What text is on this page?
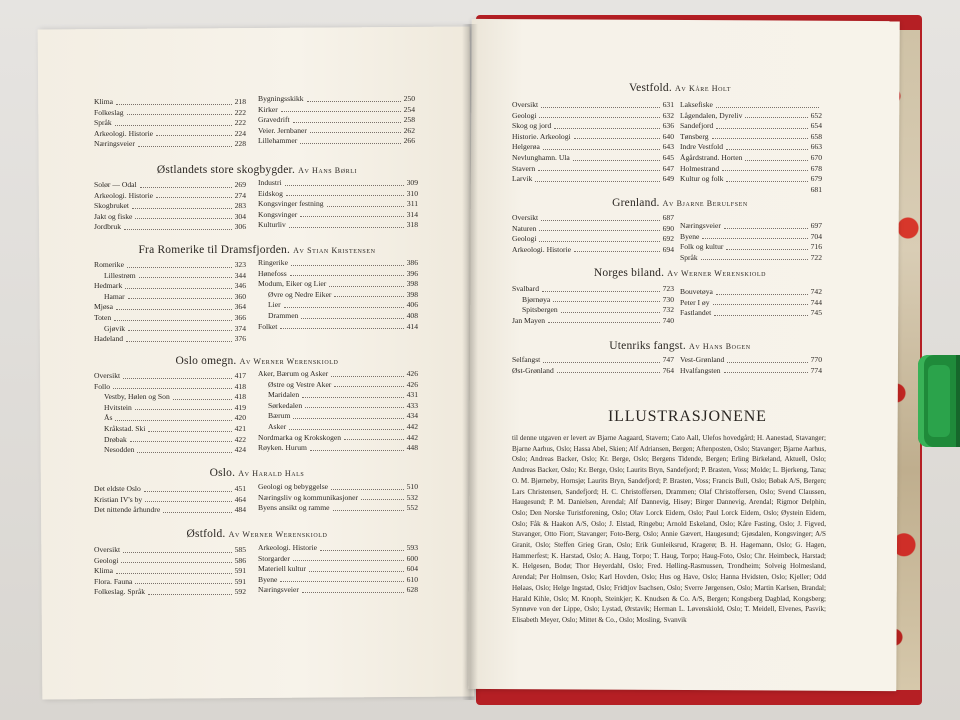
Klima	218
Folkeslag	222
Språk	222
Arkeologi. Historie	224
Næringsveier	228
Bygningsskikk	250
Kirker	254
Gravedrift	258
Veier. Jernbaner	262
Lillehammer	266
Østlandets store skogbygder. Av Hans Børli
Solør — Odal	269
Arkeologi. Historie	274
Skogbruket	283
Jakt og fiske	304
Jordbruk	306
Industri	309
Eidskog	310
Kongsvinger festning	311
Kongsvinger	314
Kulturliv	318
Fra Romerike til Dramsfjorden. Av Stian Kristensen
Romerike	323
Lillestrøm	344
Hedmark	346
Hamar	360
Mjøsa	364
Toten	366
Gjøvik	374
Hadeland	376
Ringerike	386
Hønefoss	396
Modum, Eiker og Lier	398
Øvre og Nedre Eiker	398
Lier	406
Drammen	408
Folket	414
Oslo omegn. Av Werner Werenskiold
Oversikt	417
Follo	418
Vestby, Hølen og Son	418
Hvitstein	419
Ås	420
Kråkstad. Ski	421
Drøbak	422
Nesodden	424
Aker, Bærum og Asker	426
Østre og Vestre Aker	426
Maridalen	431
Sørkedalen	433
Bærum	434
Asker	442
Nordmarka og Krokskogen	442
Røyken. Hurum	448
Oslo. Av Harald Hals
Det eldste Oslo	451
Kristian IV's by	464
Det nittende århundre	484
Geologi og bebyggelse	510
Næringsliv og kommunikasjoner	532
Byens ansikt og ramme	552
Østfold. Av Werner Werenskiold
Oversikt	585
Geologi	586
Klima	591
Flora. Fauna	591
Folkeslag. Språk	592
Arkeologi. Historie	593
Storgarder	600
Materiell kultur	604
Byene	610
Næringsveier	628
Vestfold. Av Kåre Holt
Oversikt	631
Geologi	632
Skog og jord	636
Historie. Arkeologi	640
Helgerøa	643
Nevlunghamn. Ula	645
Stavern	647
Larvik	649
Laksefiske
Lågendalen, Dyreliv	652
Sandefjord	654
Tønsberg	658
Indre Vestfold	663
Ågårdstrand. Horten	670
Holmestrand	678
Kultur og folk	679
681
Grenland. Av Bjarne Berulfsen
Oversikt	687
Naturen	690
Geologi	692
Arkeologi. Historie	694
Næringsveier	697
Byene	704
Folk og kultur	716
Språk	722
Norges biland. Av Werner Werenskiold
Svalbard	723
Bjørnøya	730
Spitsbergen	732
Jan Mayen	740
Bouvetøya	742
Peter I øy	744
Fastlandet	745
Utenriks fangst. Av Hans Bogen
Selfangst	747
Øst-Grønland	764
Vest-Grønland	770
Hvalfangsten	774
ILLUSTRASJONENE
til denne utgaven er levert av Bjarne Aagaard, Stavern; Cato Aall, Ulefos hovedgård; H. Aanestad, Stavanger; Bjarne Aarhus, Oslo; Hassa Abel, Skien; Alf Adriansen, Bergen; Aftenposten, Oslo; Stavanger; Bjarne Aarhus, Oslo; Andreas Backer, Oslo; Kr. Berge, Oslo; Bergens Tidende, Bergen; Erling Birkeland, Aktuell, Oslo; Andreas Backer, Oslo; Kr. Berge, Oslo; Laurits Bryn, Sandefjord; P. Brasten, Voss; Molde; L. Bjerkeng, Tana; O. M. Bjørneby, Hornsjø; Laurits Bryn, Sandefjord; P. Brasten, Voss; Francis Bull, Oslo; Bøbak A/S, Bergen; Lars Christensen, Sandefjord; H. C. Christoffersen, Drammen; Olaf Christoffersen, Oslo; Svend Claussen, Haugesund; P. M. Danielsen, Arendal; Alf Dannevig, Hisøy; Birger Dannevig, Arendal; Rigmor Delphin, Oslo; Den Norske Turistforening, Oslo; Olav Lorck Eidem, Oslo; Paul Lorck Eidem, Oslo; Øystein Eidem, Oslo; Fåk & Haakon A/S, Oslo; J. Elstad, Ringebu; Arnold Eskeland, Oslo; Kåre Fasting, Oslo; J. Figved, Stavanger, Otto Fiorr, Stavanger; Foto-Berg, Oslo; Annie Gævert, Haugesund; Gjøsdalen, Kongsvinger; A/S Granit, Oslo; Steffen Grieg Gran, Oslo; Erik Gunleiksrud, Kragerø; B. H. Hagemann, Oslo; G. Hagen, Hammerfest; K. Harstad, Oslo; A. Haug, Torpo; T. Haug, Torpo; Haug-Foto, Oslo; Chr. Heimbeck, Harstad; K. Helgesen, Bodø; Thor Heyerdahl, Oslo; Fred. Hølling-Rasmussen, Trondheim; Solveig Holmesland, Arendal; Per Holmsen, Oslo; Karl Hovden, Oslo; Hus og Have, Oslo; Hanna Hvidsten, Oslo; Kjeller; Odd Hølaas, Oslo; Helge Ingstad, Oslo; Fridtjov Isachsen, Oslo; Sverre Jørgensen, Oslo; Martin Karlsen, Brandal; Harald Kihle, Oslo; M. Knoph, Steinkjer; K. Knudsen & Co. A/S, Bergen; Kongsberg Dagblad, Kongsberg; Synnøve von der Lippe, Oslo; Lystad, Ørstavik; Herman L. Løvenskiold, Oslo; T. Meidell, Elvenes, Pasvik; Elisabeth Meyer, Oslo; Mittet & Co., Oslo; Mosling, Svanvik
